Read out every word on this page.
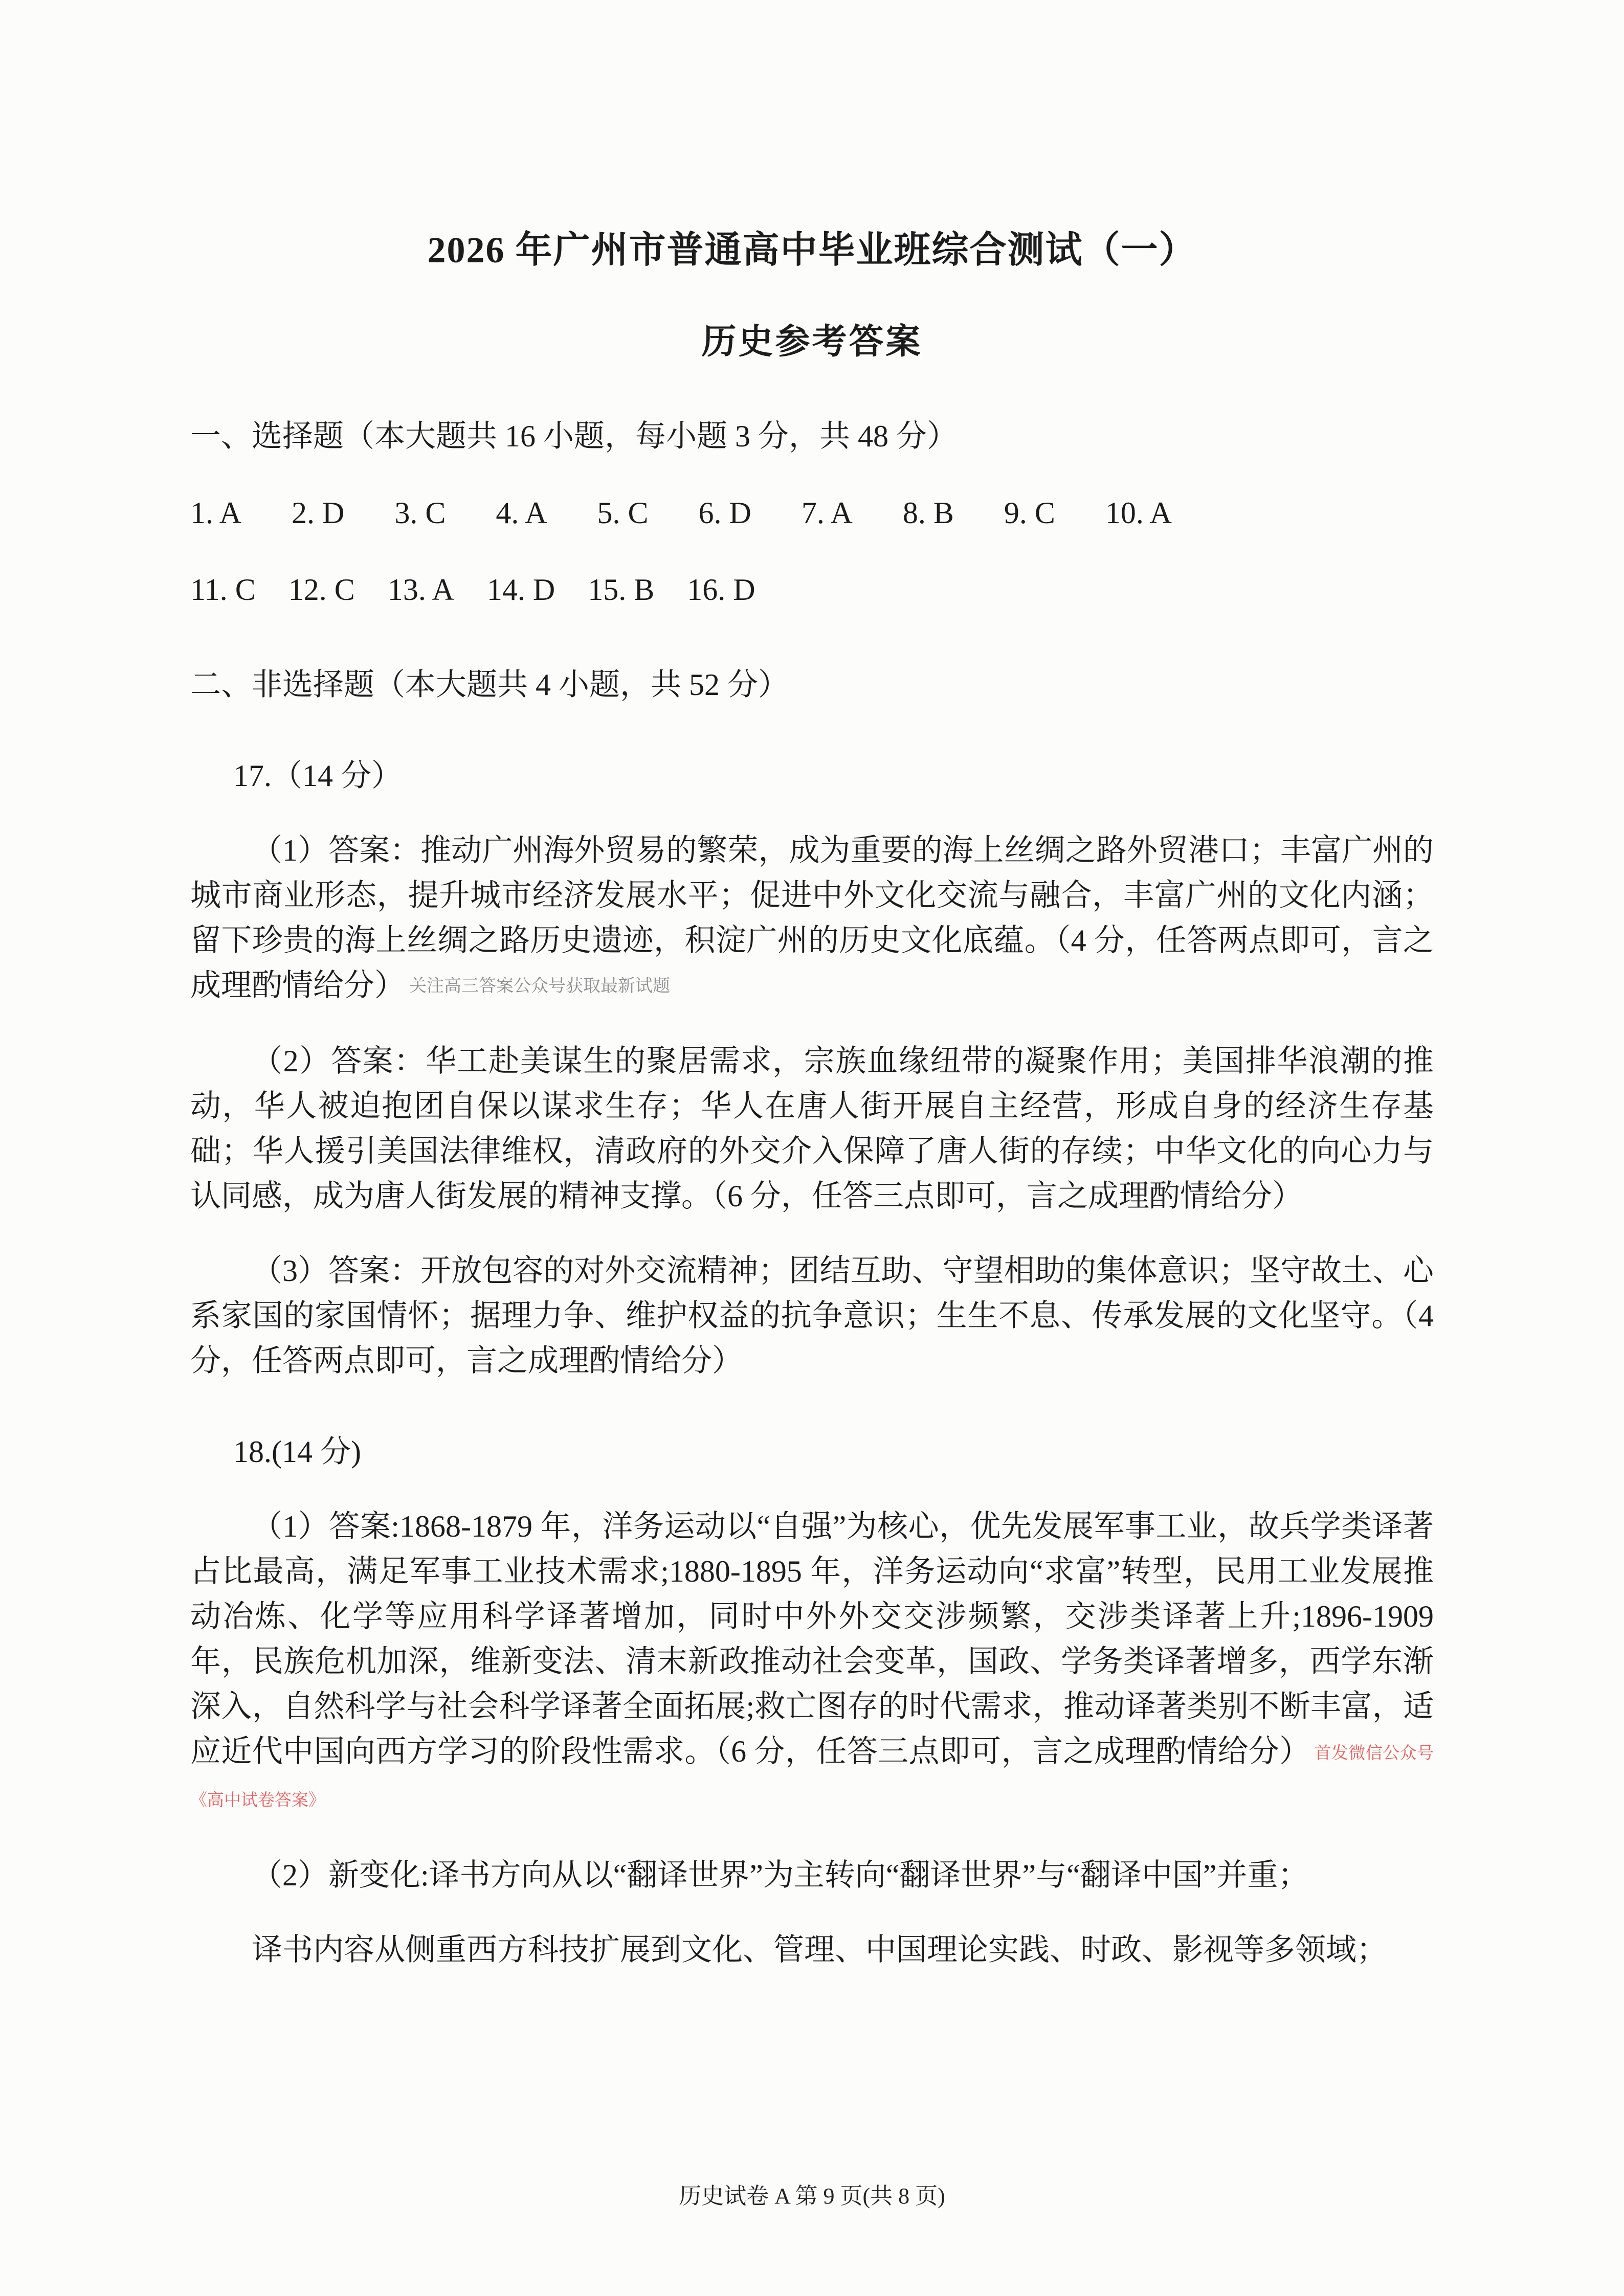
2026 年广州市普通高中毕业班综合测试（一）
历史参考答案

一、选择题（本大题共 16 小题，每小题 3 分，共 48 分）

1. A 2. D 3. C 4. A 5. C 6. D 7. A 8. B 9. C 10. A
11. C 12. C 13. A 14. D 15. B 16. D

二、非选择题（本大题共 4 小题，共 52 分）

17.（14 分）

（1）答案：推动广州海外贸易的繁荣，成为重要的海上丝绸之路外贸港口；丰富广州的城市商业形态，提升城市经济发展水平；促进中外文化交流与融合，丰富广州的文化内涵；留下珍贵的海上丝绸之路历史遗迹，积淀广州的历史文化底蕴。（4 分，任答两点即可，言之成理酌情给分） 关注高三答案公众号获取最新试题

（2）答案：华工赴美谋生的聚居需求，宗族血缘纽带的凝聚作用；美国排华浪潮的推动，华人被迫抱团自保以谋求生存；华人在唐人街开展自主经营，形成自身的经济生存基础；华人援引美国法律维权，清政府的外交介入保障了唐人街的存续；中华文化的向心力与认同感，成为唐人街发展的精神支撑。（6 分，任答三点即可，言之成理酌情给分）

（3）答案：开放包容的对外交流精神；团结互助、守望相助的集体意识；坚守故土、心系家国的家国情怀；据理力争、维护权益的抗争意识；生生不息、传承发展的文化坚守。（4 分，任答两点即可，言之成理酌情给分）

18.(14 分)

（1）答案:1868-1879 年，洋务运动以“自强”为核心，优先发展军事工业，故兵学类译著占比最高，满足军事工业技术需求;1880-1895 年，洋务运动向“求富”转型，民用工业发展推动冶炼、化学等应用科学译著增加，同时中外外交交涉频繁，交涉类译著上升;1896-1909 年，民族危机加深，维新变法、清末新政推动社会变革，国政、学务类译著增多，西学东渐深入，自然科学与社会科学译著全面拓展;救亡图存的时代需求，推动译著类别不断丰富，适应近代中国向西方学习的阶段性需求。（6 分，任答三点即可，言之成理酌情给分） 首发微信公众号《高中试卷答案》

（2）新变化:译书方向从以“翻译世界”为主转向“翻译世界”与“翻译中国”并重；

译书内容从侧重西方科技扩展到文化、管理、中国理论实践、时政、影视等多领域；

历史试卷 A 第 9 页(共 8 页)
